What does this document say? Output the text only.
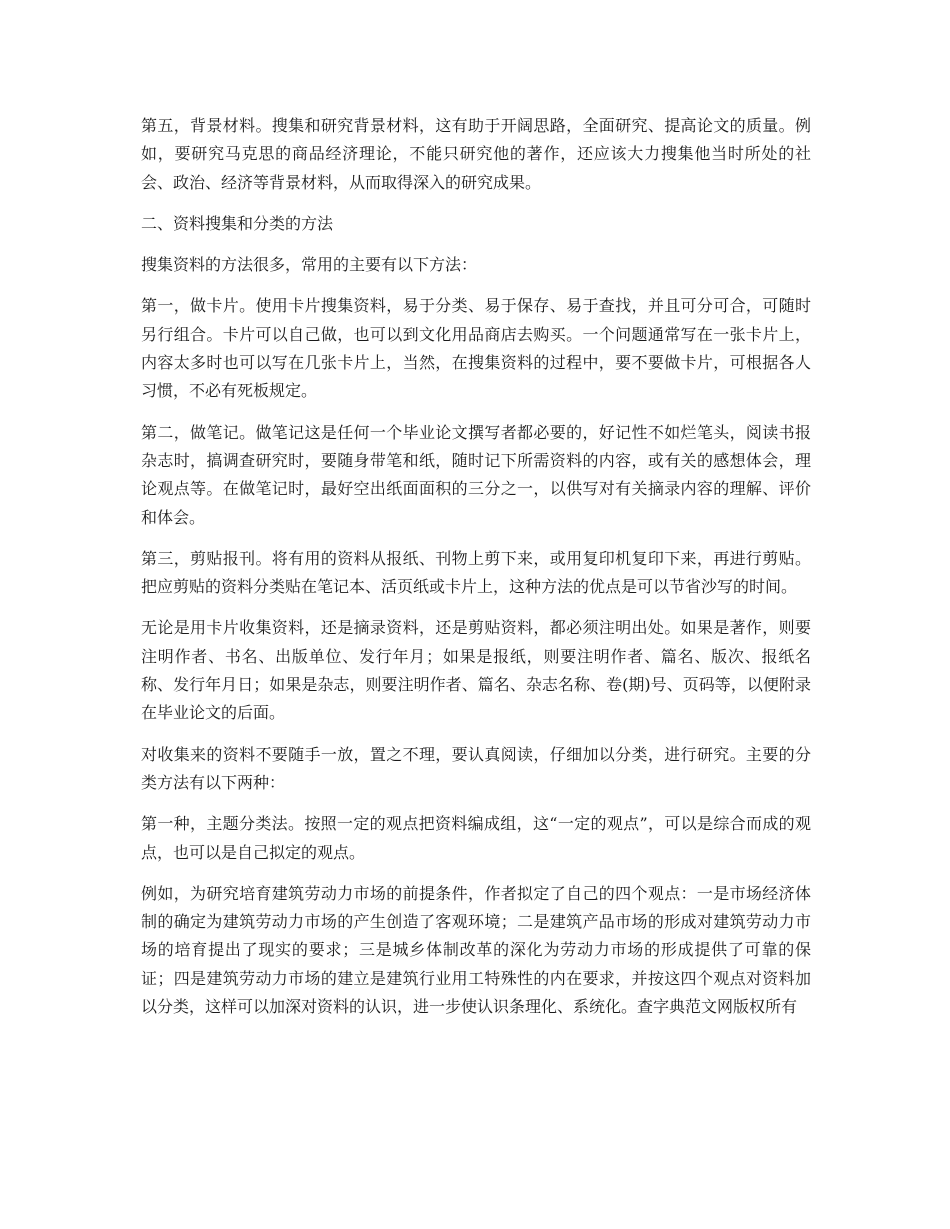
第五，背景材料。搜集和研究背景材料，这有助于开阔思路，全面研究、提高论文的质量。例如，要研究马克思的商品经济理论，不能只研究他的著作，还应该大力搜集他当时所处的社会、政治、经济等背景材料，从而取得深入的研究成果。

二、资料搜集和分类的方法

搜集资料的方法很多，常用的主要有以下方法：

第一，做卡片。使用卡片搜集资料，易于分类、易于保存、易于查找，并且可分可合，可随时另行组合。卡片可以自己做，也可以到文化用品商店去购买。一个问题通常写在一张卡片上，内容太多时也可以写在几张卡片上，当然，在搜集资料的过程中，要不要做卡片，可根据各人习惯，不必有死板规定。

第二，做笔记。做笔记这是任何一个毕业论文撰写者都必要的，好记性不如烂笔头，阅读书报杂志时，搞调查研究时，要随身带笔和纸，随时记下所需资料的内容，或有关的感想体会，理论观点等。在做笔记时，最好空出纸面面积的三分之一，以供写对有关摘录内容的理解、评价和体会。

第三，剪贴报刊。将有用的资料从报纸、刊物上剪下来，或用复印机复印下来，再进行剪贴。把应剪贴的资料分类贴在笔记本、活页纸或卡片上，这种方法的优点是可以节省沙写的时间。

无论是用卡片收集资料，还是摘录资料，还是剪贴资料，都必须注明出处。如果是著作，则要注明作者、书名、出版单位、发行年月；如果是报纸，则要注明作者、篇名、版次、报纸名称、发行年月日；如果是杂志，则要注明作者、篇名、杂志名称、卷(期)号、页码等，以便附录在毕业论文的后面。

对收集来的资料不要随手一放，置之不理，要认真阅读，仔细加以分类，进行研究。主要的分类方法有以下两种：

第一种，主题分类法。按照一定的观点把资料编成组，这“一定的观点”，可以是综合而成的观点，也可以是自己拟定的观点。

例如，为研究培育建筑劳动力市场的前提条件，作者拟定了自己的四个观点：一是市场经济体制的确定为建筑劳动力市场的产生创造了客观环境；二是建筑产品市场的形成对建筑劳动力市场的培育提出了现实的要求；三是城乡体制改革的深化为劳动力市场的形成提供了可靠的保证；四是建筑劳动力市场的建立是建筑行业用工特殊性的内在要求，并按这四个观点对资料加以分类，这样可以加深对资料的认识，进一步使认识条理化、系统化。查字典范文网版权所有
